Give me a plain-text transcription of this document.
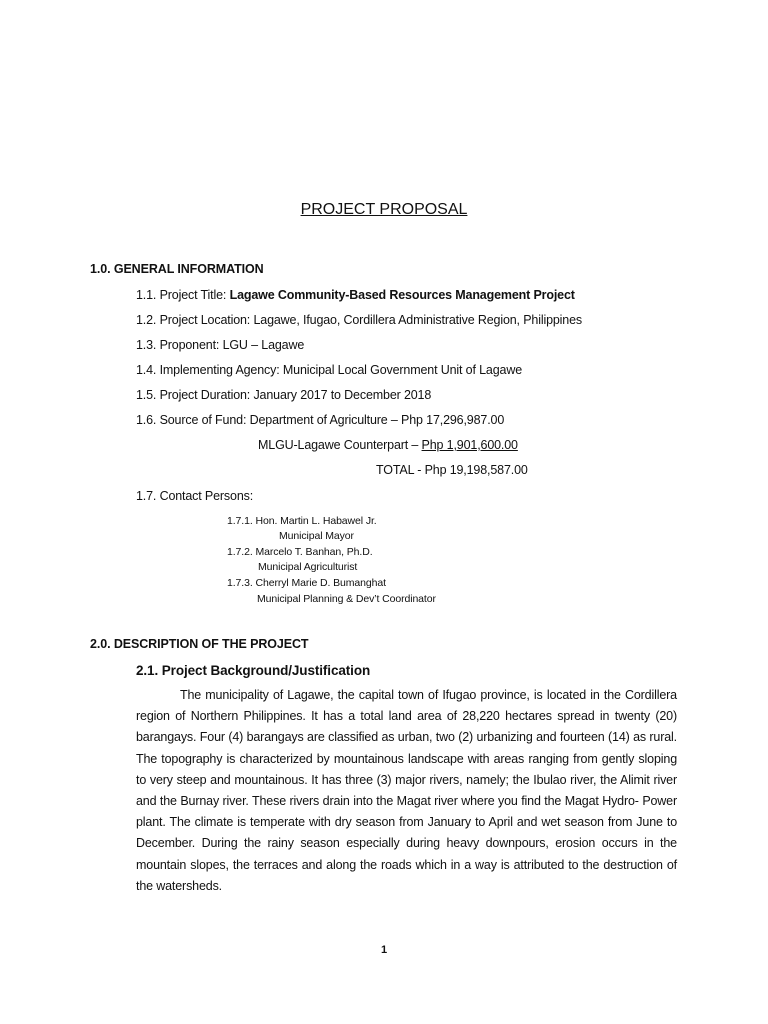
PROJECT PROPOSAL
1.0. GENERAL INFORMATION
1.1. Project Title: Lagawe Community-Based Resources Management Project
1.2. Project Location: Lagawe, Ifugao, Cordillera Administrative Region, Philippines
1.3. Proponent: LGU – Lagawe
1.4. Implementing Agency: Municipal Local Government Unit of Lagawe
1.5. Project Duration: January 2017 to December 2018
1.6. Source of Fund: Department of Agriculture – Php 17,296,987.00
MLGU-Lagawe Counterpart – Php 1,901,600.00
TOTAL - Php 19,198,587.00
1.7. Contact Persons:
1.7.1. Hon. Martin L. Habawel Jr.
Municipal Mayor
1.7.2. Marcelo T. Banhan, Ph.D.
Municipal Agriculturist
1.7.3. Cherryl Marie D. Bumanghat
Municipal Planning & Dev’t Coordinator
2.0. DESCRIPTION OF THE PROJECT
2.1. Project Background/Justification
The municipality of Lagawe, the capital town of Ifugao province, is located in the Cordillera region of Northern Philippines. It has a total land area of 28,220 hectares spread in twenty (20) barangays. Four (4) barangays are classified as urban, two (2) urbanizing and fourteen (14) as rural. The topography is characterized by mountainous landscape with areas ranging from gently sloping to very steep and mountainous. It has three (3) major rivers, namely; the Ibulao river, the Alimit river and the Burnay river. These rivers drain into the Magat river where you find the Magat Hydro- Power plant. The climate is temperate with dry season from January to April and wet season from June to December. During the rainy season especially during heavy downpours, erosion occurs in the mountain slopes, the terraces and along the roads which in a way is attributed to the destruction of the watersheds.
1
